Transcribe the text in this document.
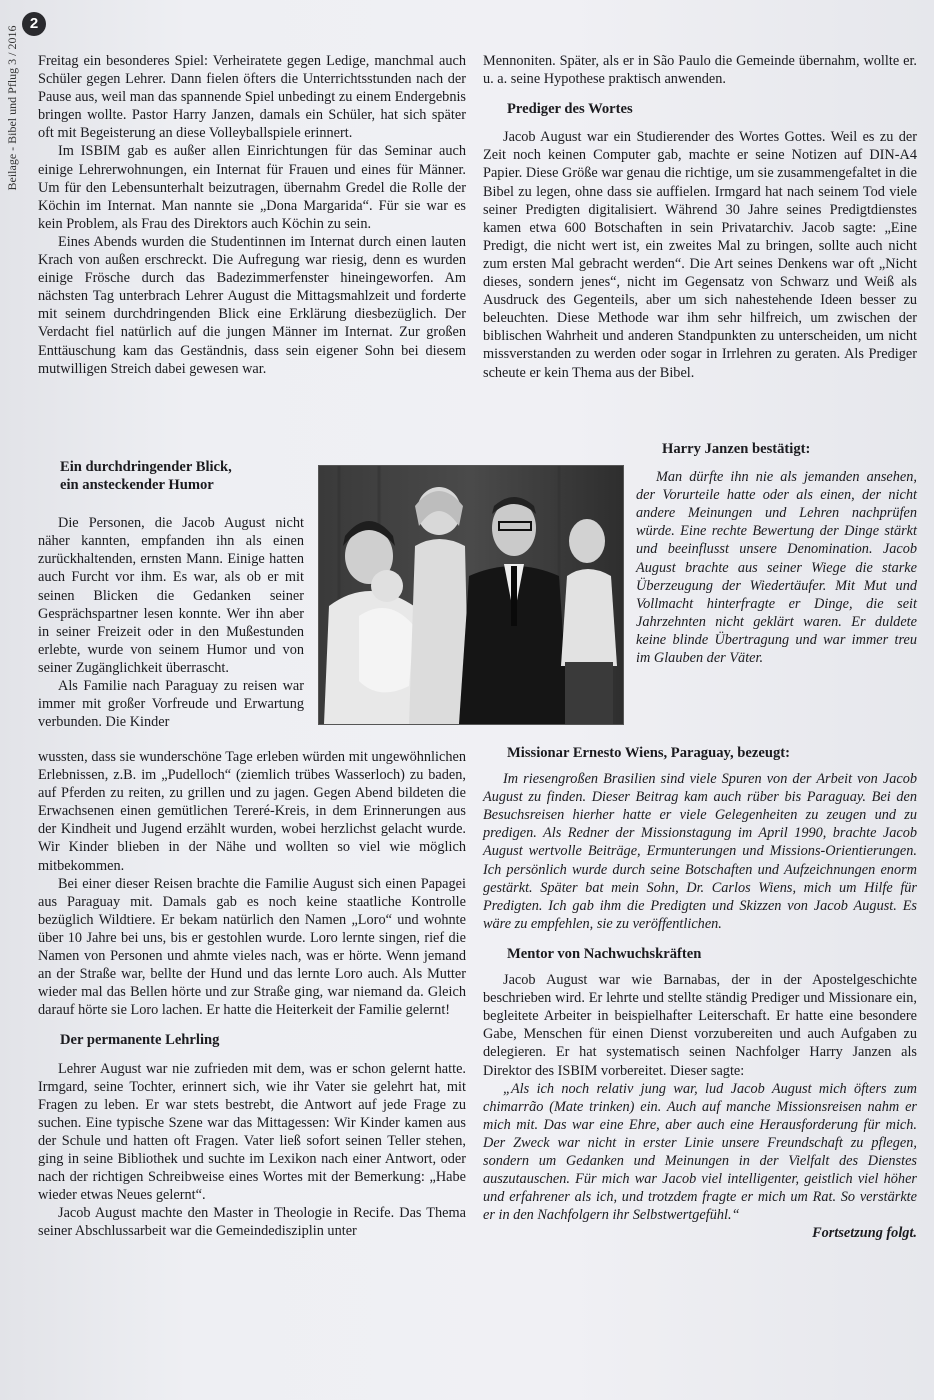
2
Beilage - Bibel und Pflug 3 / 2016 Freitag ein besonderes Spiel: Verheiratete gegen Ledige, manchmal auch Schüler gegen Lehrer. Dann fielen öfters die Unterrichtsstunden nach der Pause aus, weil man das spannende Spiel unbedingt zu einem Endergebnis bringen wollte. Pastor Harry Janzen, damals ein Schüler, hat sich später oft mit Begeisterung an diese Volleyballspiele erinnert.

Im ISBIM gab es außer allen Einrichtungen für das Seminar auch einige Lehrerwohnungen, ein Internat für Frauen und eines für Männer. Um für den Lebensunterhalt beizutragen, übernahm Gredel die Rolle der Köchin im Internat. Man nannte sie „Dona Margarida“. Für sie war es kein Problem, als Frau des Direktors auch Köchin zu sein.

Eines Abends wurden die Studentinnen im Internat durch einen lauten Krach von außen erschreckt. Die Aufregung war riesig, denn es wurden einige Frösche durch das Badezimmerfenster hineingeworfen. Am nächsten Tag unterbrach Lehrer August die Mittagsmahlzeit und forderte mit seinem durchdringenden Blick eine Erklärung diesbezüglich. Der Verdacht fiel natürlich auf die jungen Männer im Internat. Zur großen Enttäuschung kam das Geständnis, dass sein eigener Sohn bei diesem mutwilligen Streich dabei gewesen war.

Ein durchdringender Blick,

ein ansteckender Humor

Die Personen, die Jacob August nicht näher kannten, empfanden ihn als einen zurückhaltenden, ernsten Mann. Einige hatten auch Furcht vor ihm. Es war, als ob er mit seinen Blicken die Gedanken seiner Gesprächspartner lesen konnte. Wer ihn aber in seiner Freizeit oder in den Mußestunden erlebte, wurde von seinem Humor und von seiner Zugänglichkeit überrascht.

Als Familie nach Paraguay zu reisen war immer mit großer Vorfreude und Erwartung verbunden. Die Kinder

wussten, dass sie wunderschöne Tage erleben würden mit ungewöhnlichen Erlebnissen, z.B. im „Pudelloch“ (ziemlich trübes Wasserloch) zu baden, auf Pferden zu reiten, zu grillen und zu jagen. Gegen Abend bildeten die Erwachsenen einen gemütlichen Tereré-Kreis, in dem Erinnerungen aus der Kindheit und Jugend erzählt wurden, wobei herzlichst gelacht wurde. Wir Kinder blieben in der Nähe und wollten so viel wie möglich mitbekommen.

Bei einer dieser Reisen brachte die Familie August sich einen Papagei aus Paraguay mit. Damals gab es noch keine staatliche Kontrolle bezüglich Wildtiere. Er bekam natürlich den Namen „Loro“ und wohnte über 10 Jahre bei uns, bis er gestohlen wurde. Loro lernte singen, rief die Namen von Personen und ahmte vieles nach, was er hörte. Wenn jemand an der Straße war, bellte der Hund und das lernte Loro auch. Als Mutter wieder mal das Bellen hörte und zur Straße ging, war niemand da. Gleich darauf hörte sie Loro lachen. Er hatte die Heiterkeit der Familie gelernt!

Der permanente Lehrling

Lehrer August war nie zufrieden mit dem, was er schon gelernt hatte. Irmgard, seine Tochter, erinnert sich, wie ihr Vater sie gelehrt hat, mit Fragen zu leben. Er war stets bestrebt, die Antwort auf jede Frage zu suchen. Eine typische Szene war das Mittagessen: Wir Kinder kamen aus der Schule und hatten oft Fragen. Vater ließ sofort seinen Teller stehen, ging in seine Bibliothek und suchte im Lexikon nach einer Antwort, oder nach der richtigen Schreibweise eines Wortes mit der Bemerkung: „Habe wieder etwas Neues gelernt“.

Jacob August machte den Master in Theologie in Recife. Das Thema seiner Abschlussarbeit war die Gemeindedisziplin unter

Mennoniten. Später, als er in São Paulo die Gemeinde übernahm, wollte er. u. a. seine Hypothese praktisch anwenden.

Prediger des Wortes

Jacob August war ein Studierender des Wortes Gottes. Weil es zu der Zeit noch keinen Computer gab, machte er seine Notizen auf DIN-A4 Papier. Diese Größe war genau die richtige, um sie zusammengefaltet in die Bibel zu legen, ohne dass sie auffielen. Irmgard hat nach seinem Tod viele seiner Predigten digitalisiert. Während 30 Jahre seines Predigtdienstes kamen etwa 600 Botschaften in sein Privatarchiv. Jacob sagte: „Eine Predigt, die nicht wert ist, ein zweites Mal zu bringen, sollte auch nicht zum ersten Mal gebracht werden“. Die Art seines Denkens war oft „Nicht dieses, sondern jenes“, nicht im Gegensatz von Schwarz und Weiß als Ausdruck des Gegenteils, aber um sich nahestehende Ideen besser zu beleuchten. Diese Methode war ihm sehr hilfreich, um zwischen der biblischen Wahrheit und anderen Standpunkten zu unterscheiden, um nicht missverstanden zu werden oder sogar in Irrlehren zu geraten. Als Prediger scheute er kein Thema aus der Bibel.

Harry Janzen bestätigt:

Man dürfte ihn nie als jemanden ansehen, der Vorurteile hatte oder als einen, der nicht andere Meinungen und Lehren nachprüfen würde. Eine rechte Bewertung der Dinge stärkt und beeinflusst unsere Denomination. Jacob August brachte aus seiner Wiege die starke Überzeugung der Wiedertäufer. Mit Mut und Vollmacht hinterfragte er Dinge, die seit Jahrzehnten nicht geklärt waren. Er duldete keine blinde Übertragung und war immer treu im Glauben der Väter.

Missionar Ernesto Wiens, Paraguay, bezeugt:

Im riesengroßen Brasilien sind viele Spuren von der Arbeit von Jacob August zu finden. Dieser Beitrag kam auch rüber bis Paraguay. Bei den Besuchsreisen hierher hatte er viele Gelegenheiten zu zeugen und zu predigen. Als Redner der Missionstagung im April 1990, brachte Jacob August wertvolle Beiträge, Ermunterungen und Missions-Orientierungen. Ich persönlich wurde durch seine Botschaften und Aufzeichnungen enorm gestärkt. Später bat mein Sohn, Dr. Carlos Wiens, mich um Hilfe für Predigten. Ich gab ihm die Predigten und Skizzen von Jacob August. Es wäre zu empfehlen, sie zu veröffentlichen.

Mentor von Nachwuchskräften

Jacob August war wie Barnabas, der in der Apostelgeschichte beschrieben wird. Er lehrte und stellte ständig Prediger und Missionare ein, begleitete Arbeiter in beispielhafter Leiterschaft. Er hatte eine besondere Gabe, Menschen für einen Dienst vorzubereiten und auch Aufgaben zu delegieren. Er hat systematisch seinen Nachfolger Harry Janzen als Direktor des ISBIM vorbereitet. Dieser sagte:

„Als ich noch relativ jung war, lud Jacob August mich öfters zum chimarrão (Mate trinken) ein. Auch auf manche Missionsreisen nahm er mich mit. Das war eine Ehre, aber auch eine Herausforderung für mich. Der Zweck war nicht in erster Linie unsere Freundschaft zu pflegen, sondern um Gedanken und Meinungen in der Vielfalt des Dienstes auszutauschen. Für mich war Jacob viel intelligenter, geistlich viel höher und erfahrener als ich, und trotzdem fragte er mich um Rat. So verstärkte er in den Nachfolgern ihr Selbstwertgefühl.“

Fortsetzung folgt.
